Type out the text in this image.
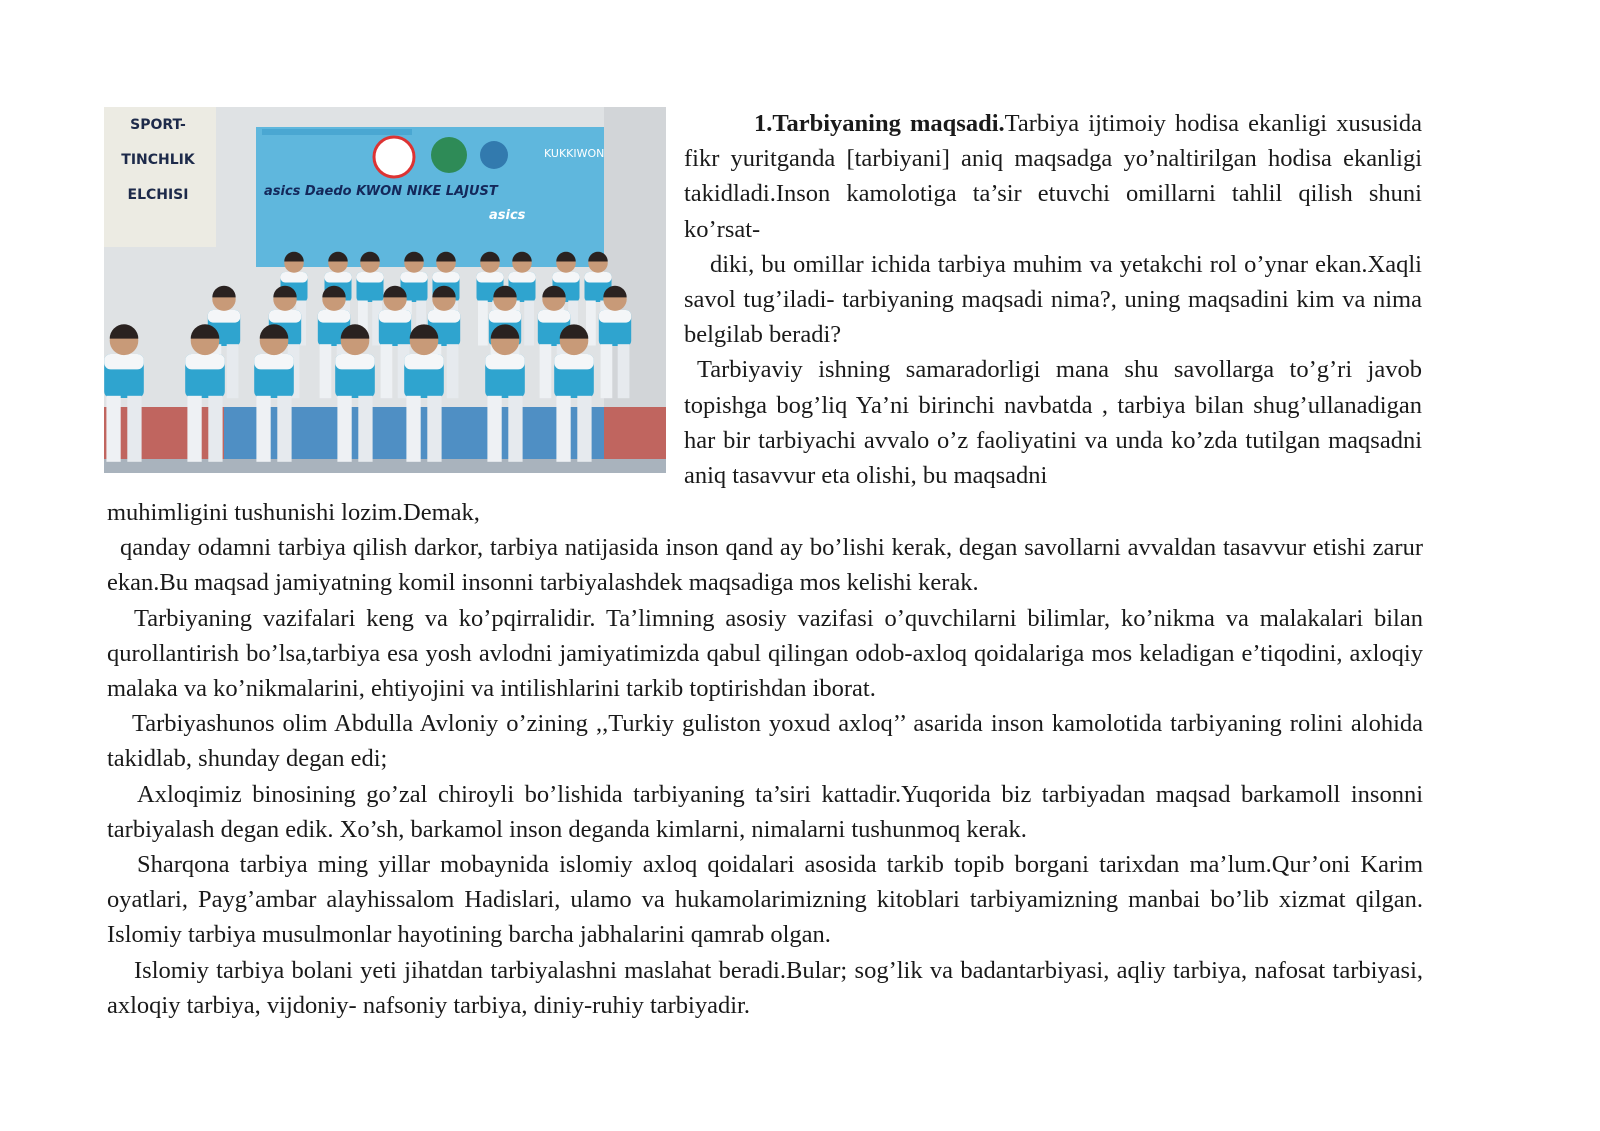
SPORT-
TINCHLIK
ELCHISI
KUKKIWON
asics Daedo KWON NIKE LAJUST
asics

1.Tarbiyaning maqsadi.Tarbiya ijtimoiy hodisa ekanligi xususida fikr yuritganda [tarbiyani] aniq maqsadga yo’naltirilgan hodisa ekanligi takidladi.Inson kamolotiga ta’sir etuvchi omillarni tahlil qilish shuni ko’rsat-

diki, bu omillar ichida tarbiya muhim va yetakchi rol o’ynar ekan.Xaqli savol tug’iladi- tarbiyaning maqsadi nima?, uning maqsadini kim va nima belgilab beradi?

Tarbiyaviy ishning samaradorligi mana shu savollarga to’g’ri javob topishga bog’liq Ya’ni birinchi navbatda , tarbiya bilan shug’ullanadigan har bir tarbiyachi avvalo o’z faoliyatini va unda ko’zda tutilgan maqsadni aniq tasavvur eta olishi, bu maqsadni

muhimligini tushunishi lozim.Demak,

qanday odamni tarbiya qilish darkor, tarbiya natijasida inson qand ay bo’lishi kerak, degan savollarni avvaldan tasavvur etishi zarur ekan.Bu maqsad jamiyatning komil insonni tarbiyalashdek maqsadiga mos kelishi kerak.

Tarbiyaning vazifalari keng va ko’pqirralidir. Ta’limning asosiy vazifasi o’quvchilarni bilimlar, ko’nikma va malakalari bilan qurollantirish bo’lsa,tarbiya esa yosh avlodni jamiyatimizda qabul qilingan odob-axloq qoidalariga mos keladigan e’tiqodini, axloqiy malaka va ko’nikmalarini, ehtiyojini va intilishlarini tarkib toptirishdan iborat.

Tarbiyashunos olim Abdulla Avloniy o’zining ,,Turkiy guliston yoxud axloq’’ asarida inson kamolotida tarbiyaning rolini alohida takidlab, shunday degan edi;

Axloqimiz binosining go’zal chiroyli bo’lishida tarbiyaning ta’siri kattadir.Yuqorida biz tarbiyadan maqsad barkamoll insonni tarbiyalash degan edik. Xo’sh, barkamol inson deganda kimlarni, nimalarni tushunmoq kerak.

Sharqona tarbiya ming yillar mobaynida islomiy axloq qoidalari asosida tarkib topib borgani tarixdan ma’lum.Qur’oni Karim oyatlari, Payg’ambar alayhissalom Hadislari, ulamo va hukamolarimizning kitoblari tarbiyamizning manbai bo’lib xizmat qilgan. Islomiy tarbiya musulmonlar hayotining barcha jabhalarini qamrab olgan.

Islomiy tarbiya bolani yeti jihatdan tarbiyalashni maslahat beradi.Bular; sog’lik va badantarbiyasi, aqliy tarbiya, nafosat tarbiyasi, axloqiy tarbiya, vijdoniy- nafsoniy tarbiya, diniy-ruhiy tarbiyadir.
